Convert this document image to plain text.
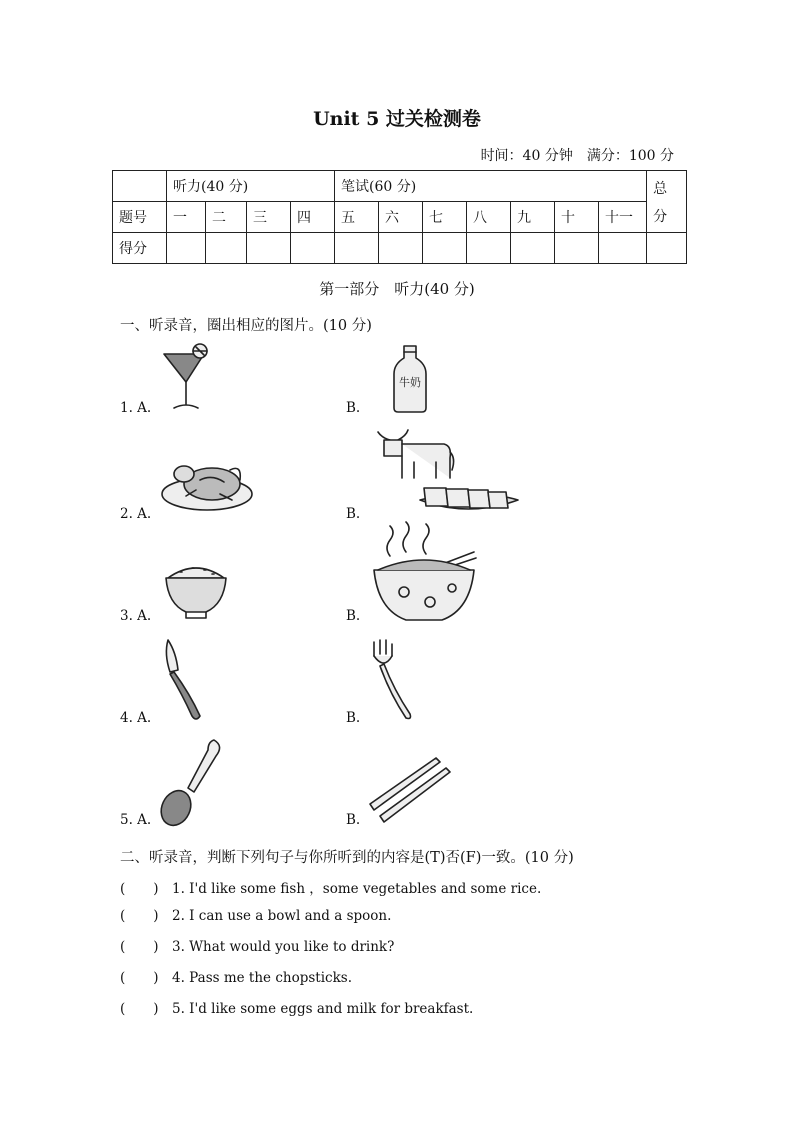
Unit 5 过关检测卷
时间：40 分钟　满分：100 分
	听力(40 分)				笔试(60 分)							总分
题号	一	二	三	四	五	六	七	八	九	十	十一	
得分												
第一部分　听力(40 分)
一、听录音，圈出相应的图片。(10 分)
1. A.	B.
牛奶
2. A.	B.
3. A.	B.
4. A.	B.
5. A.	B.
二、听录音，判断下列句子与你所听到的内容是(T)否(F)一致。(10 分)
( ) 1. I'd like some fish ，some vegetables and some rice.
( ) 2. I can use a bowl and a spoon.
( ) 3. What would you like to drink?
( ) 4. Pass me the chopsticks.
( ) 5. I'd like some eggs and milk for breakfast.
